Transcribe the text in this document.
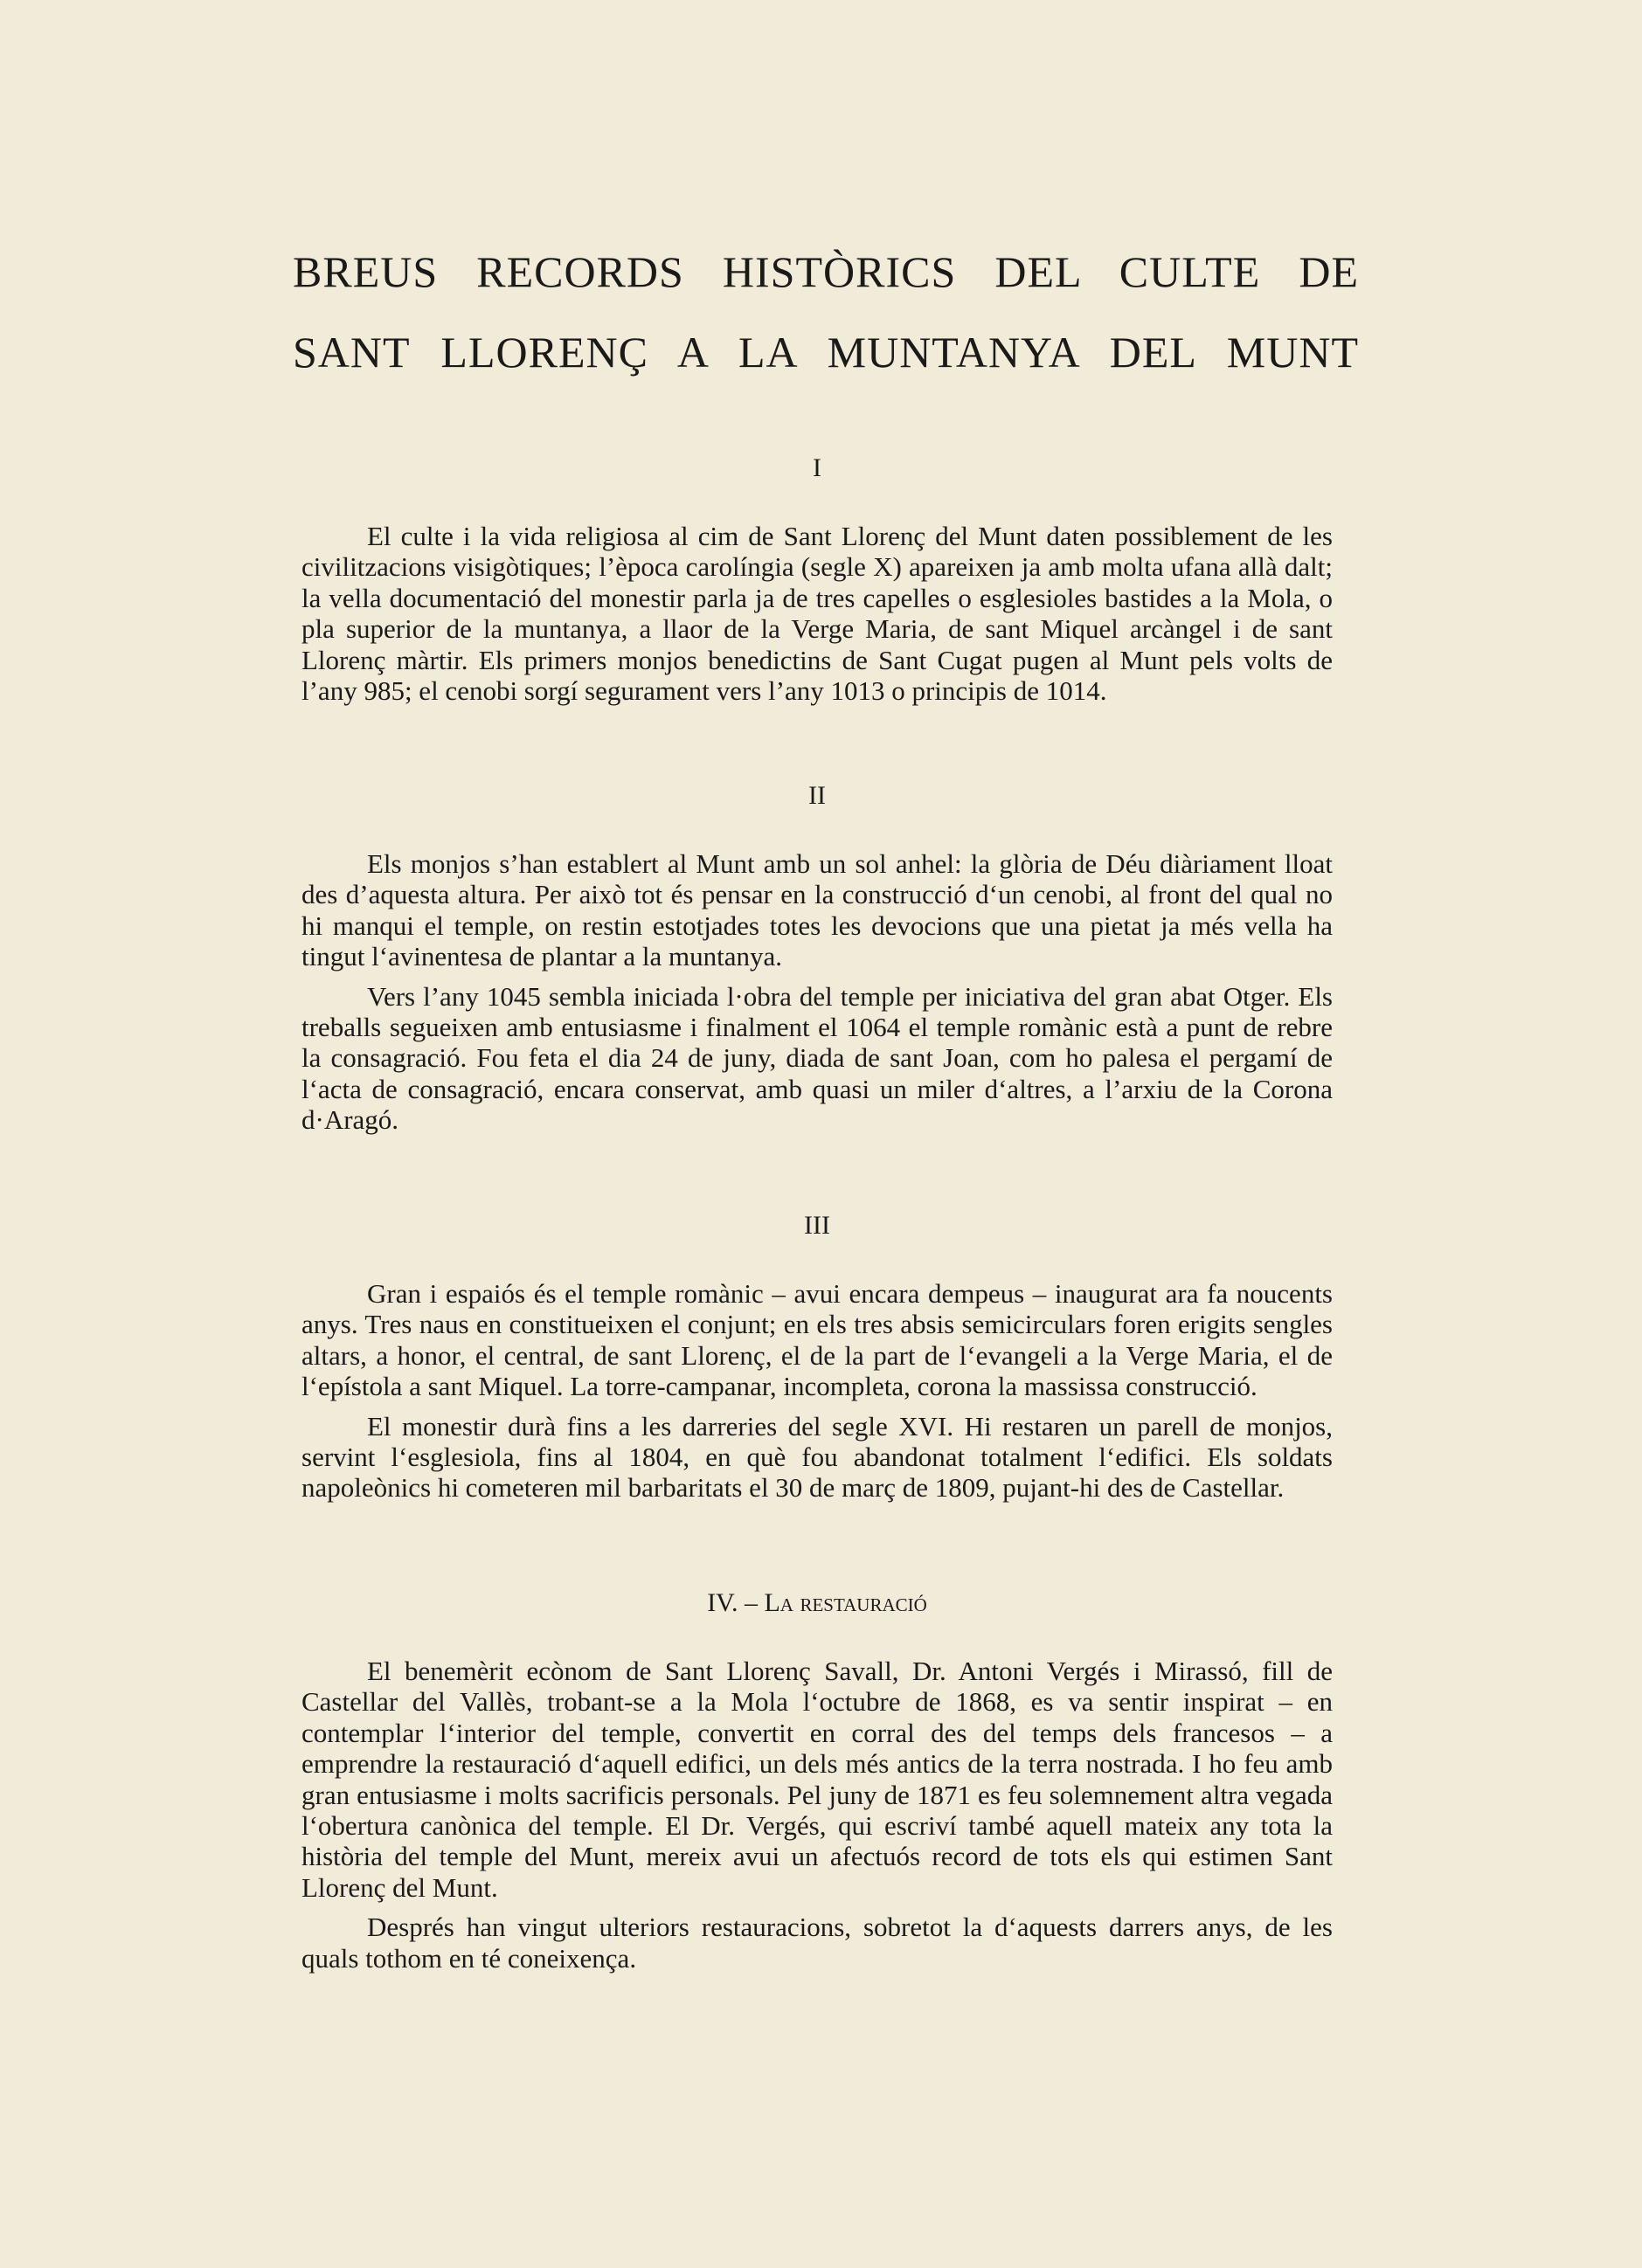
BREUS RECORDS HISTÒRICS DEL CULTE DE
SANT LLORENÇ A LA MUNTANYA DEL MUNT
I

El culte i la vida religiosa al cim de Sant Llorenç del Munt daten possiblement de les civilitzacions visigòtiques; l’època carolíngia (segle X) apareixen ja amb molta ufana allà dalt; la vella documentació del monestir parla ja de tres capelles o esglesioles bastides a la Mola, o pla superior de la muntanya, a llaor de la Verge Maria, de sant Miquel arcàngel i de sant Llorenç màrtir. Els primers monjos benedictins de Sant Cugat pugen al Munt pels volts de l’any 985; el cenobi sorgí segurament vers l’any 1013 o principis de 1014.

II

Els monjos s’han establert al Munt amb un sol anhel: la glòria de Déu diàriament lloat des d’aquesta altura. Per això tot és pensar en la construcció d‘un cenobi, al front del qual no hi manqui el temple, on restin estotjades totes les devocions que una pietat ja més vella ha tingut l‘avinentesa de plantar a la muntanya.

Vers l’any 1045 sembla iniciada l·obra del temple per iniciativa del gran abat Otger. Els treballs segueixen amb entusiasme i finalment el 1064 el temple romànic està a punt de rebre la consagració. Fou feta el dia 24 de juny, diada de sant Joan, com ho palesa el pergamí de l‘acta de consagració, encara conservat, amb quasi un miler d‘altres, a l’arxiu de la Corona d·Aragó.

III

Gran i espaiós és el temple romànic – avui encara dempeus – inaugurat ara fa noucents anys. Tres naus en constitueixen el conjunt; en els tres absis semicirculars foren erigits sengles altars, a honor, el central, de sant Llorenç, el de la part de l‘evangeli a la Verge Maria, el de l‘epístola a sant Miquel. La torre-campanar, incompleta, corona la massissa construcció.

El monestir durà fins a les darreries del segle XVI. Hi restaren un parell de monjos, servint l‘esglesiola, fins al 1804, en què fou abandonat totalment l‘edifici. Els soldats napoleònics hi cometeren mil barbaritats el 30 de març de 1809, pujant-hi des de Castellar.

IV. – La restauració

El benemèrit ecònom de Sant Llorenç Savall, Dr. Antoni Vergés i Mirassó, fill de Castellar del Vallès, trobant-se a la Mola l‘octubre de 1868, es va sentir inspirat – en contemplar l‘interior del temple, convertit en corral des del temps dels francesos – a emprendre la restauració d‘aquell edifici, un dels més antics de la terra nostrada. I ho feu amb gran entusiasme i molts sacrificis personals. Pel juny de 1871 es feu solemnement altra vegada l‘obertura canònica del temple. El Dr. Vergés, qui escriví també aquell mateix any tota la història del temple del Munt, mereix avui un afectuós record de tots els qui estimen Sant Llorenç del Munt.

Després han vingut ulteriors restauracions, sobretot la d‘aquests darrers anys, de les quals tothom en té coneixença.
